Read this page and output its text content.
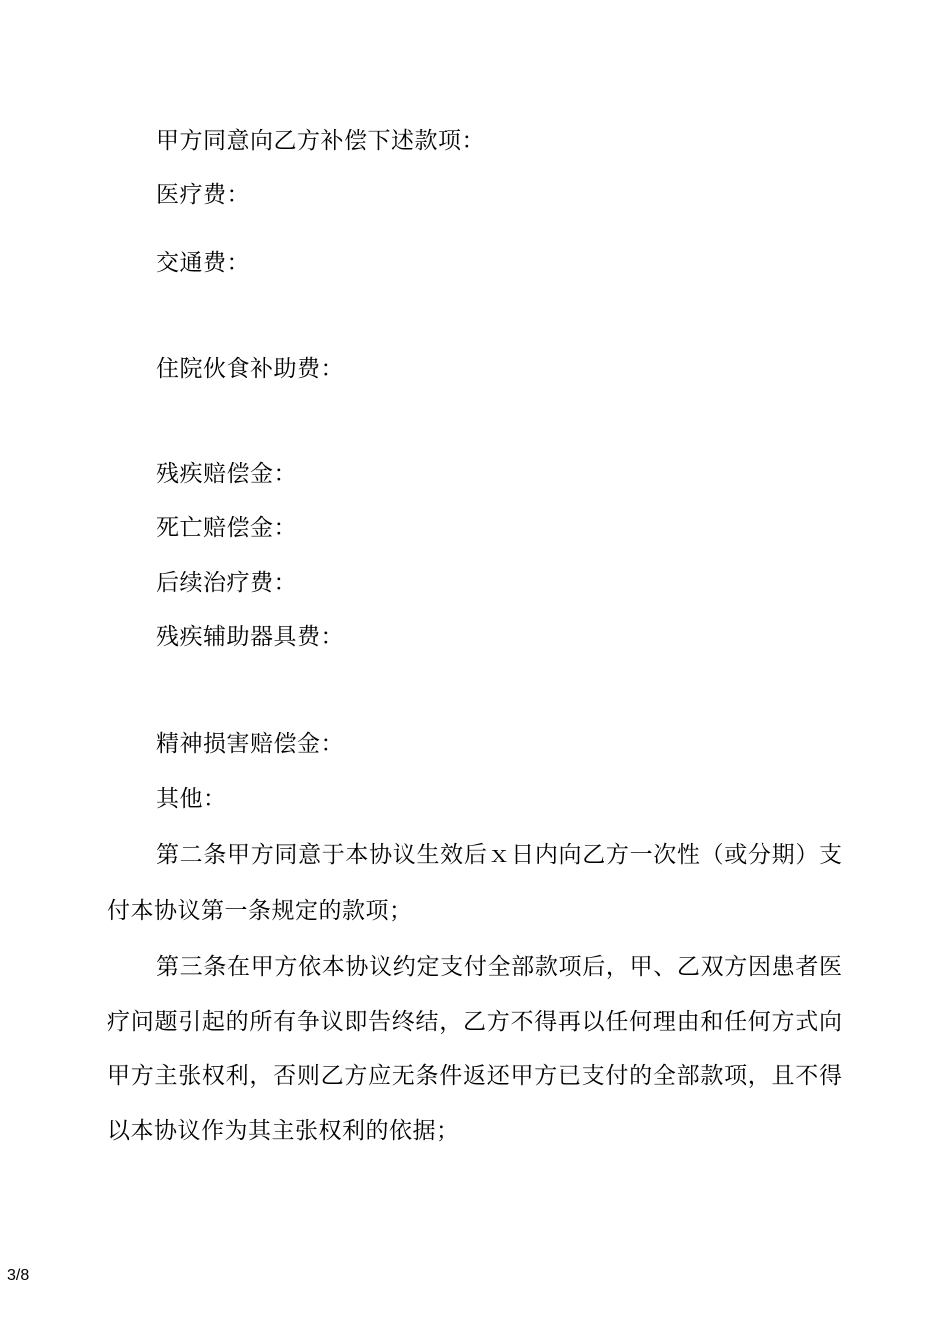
甲方同意向乙方补偿下述款项：
医疗费：
交通费：
住院伙食补助费：
残疾赔偿金：
死亡赔偿金：
后续治疗费：
残疾辅助器具费：
精神损害赔偿金：
其他：
第二条甲方同意于本协议生效后ｘ日内向乙方一次性（或分期）支
付本协议第一条规定的款项；
第三条在甲方依本协议约定支付全部款项后，甲、乙双方因患者医
疗问题引起的所有争议即告终结，乙方不得再以任何理由和任何方式向
甲方主张权利，否则乙方应无条件返还甲方已支付的全部款项，且不得
以本协议作为其主张权利的依据；
3/8
